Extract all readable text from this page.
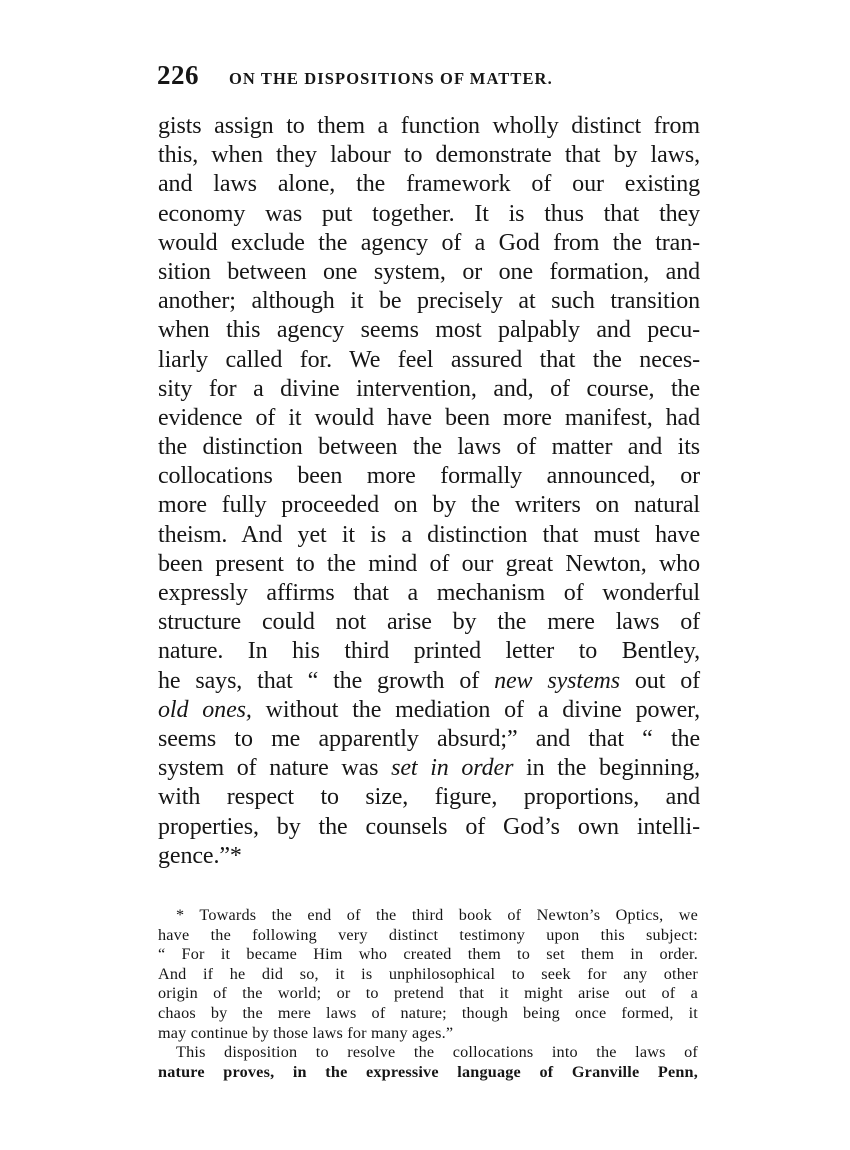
226 ON THE DISPOSITIONS OF MATTER.
gists assign to them a function wholly distinct from
this, when they labour to demonstrate that by laws,
and laws alone, the framework of our existing
economy was put together. It is thus that they
would exclude the agency of a God from the tran-
sition between one system, or one formation, and
another; although it be precisely at such transition
when this agency seems most palpably and pecu-
liarly called for. We feel assured that the neces-
sity for a divine intervention, and, of course, the
evidence of it would have been more manifest, had
the distinction between the laws of matter and its
collocations been more formally announced, or
more fully proceeded on by the writers on natural
theism. And yet it is a distinction that must have
been present to the mind of our great Newton, who
expressly affirms that a mechanism of wonderful
structure could not arise by the mere laws of
nature. In his third printed letter to Bentley,
he says, that “ the growth of new systems out of
old ones, without the mediation of a divine power,
seems to me apparently absurd;” and that “ the
system of nature was set in order in the beginning,
with respect to size, figure, proportions, and
properties, by the counsels of God’s own intelli-
gence.”*
* Towards the end of the third book of Newton’s Optics, we
have the following very distinct testimony upon this subject:
“ For it became Him who created them to set them in order.
And if he did so, it is unphilosophical to seek for any other
origin of the world; or to pretend that it might arise out of a
chaos by the mere laws of nature; though being once formed, it
may continue by those laws for many ages.”
This disposition to resolve the collocations into the laws of
nature proves, in the expressive language of Granville Penn,
